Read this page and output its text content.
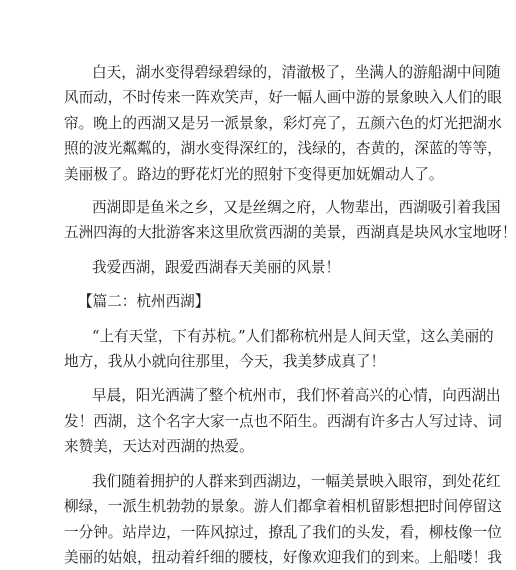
白天，湖水变得碧绿碧绿的，清澈极了，坐满人的游船湖中间随
风而动，不时传来一阵欢笑声，好一幅人画中游的景象映入人们的眼
帘。晚上的西湖又是另一派景象，彩灯亮了，五颜六色的灯光把湖水
照的波光粼粼的，湖水变得深红的，浅绿的，杏黄的，深蓝的等等，
美丽极了。路边的野花灯光的照射下变得更加妩媚动人了。

西湖即是鱼米之乡，又是丝绸之府，人物辈出，西湖吸引着我国
五洲四海的大批游客来这里欣赏西湖的美景，西湖真是块风水宝地呀！

我爱西湖，跟爱西湖春天美丽的风景！

【篇二：杭州西湖】

“上有天堂，下有苏杭。”人们都称杭州是人间天堂，这么美丽的
地方，我从小就向往那里，今天，我美梦成真了！

早晨，阳光洒满了整个杭州市，我们怀着高兴的心情，向西湖出
发！西湖，这个名字大家一点也不陌生。西湖有许多古人写过诗、词
来赞美，天达对西湖的热爱。

我们随着拥护的人群来到西湖边，一幅美景映入眼帘，到处花红
柳绿，一派生机勃勃的景象。游人们都拿着相机留影想把时间停留这
一分钟。站岸边，一阵风掠过，撩乱了我们的头发，看，柳枝像一位
美丽的姑娘，扭动着纤细的腰枝，好像欢迎我们的到来。上船喽！我
